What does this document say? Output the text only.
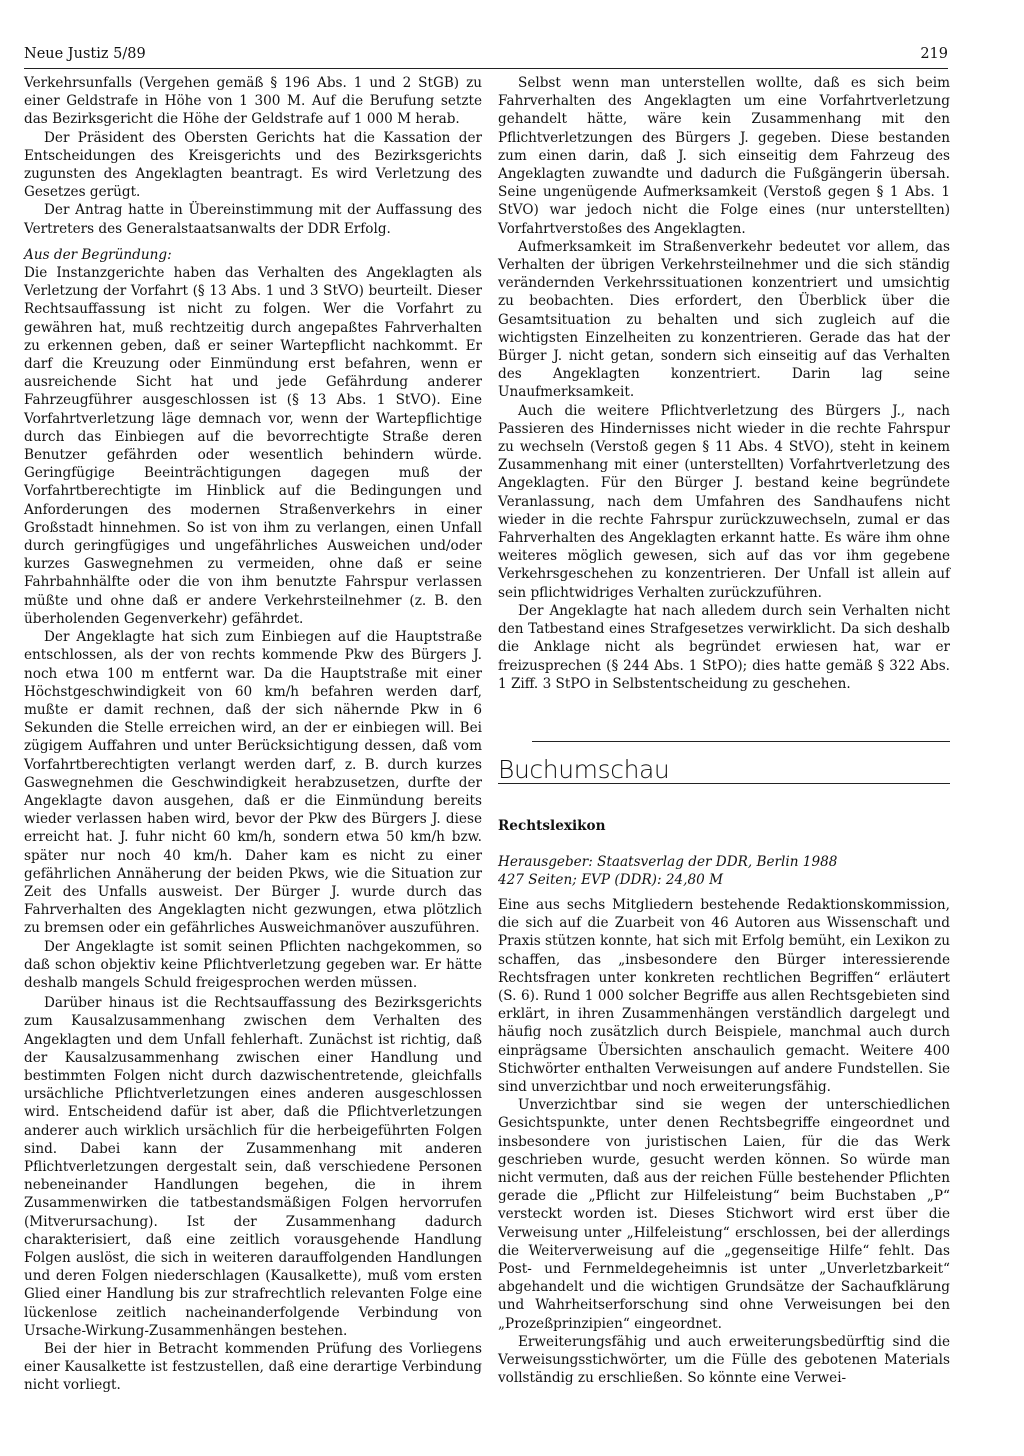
Neue Justiz 5/89	219

Verkehrsunfalls (Vergehen gemäß § 196 Abs. 1 und 2 StGB) zu einer Geldstrafe in Höhe von 1 300 M. Auf die Berufung setzte das Bezirksgericht die Höhe der Geldstrafe auf 1 000 M herab.

Der Präsident des Obersten Gerichts hat die Kassation der Entscheidungen des Kreisgerichts und des Bezirksgerichts zugunsten des Angeklagten beantragt. Es wird Verletzung des Gesetzes gerügt.

Der Antrag hatte in Übereinstimmung mit der Auffassung des Vertreters des Generalstaatsanwalts der DDR Erfolg.

Aus der Begründung:

Die Instanzgerichte haben das Verhalten des Angeklagten als Verletzung der Vorfahrt (§ 13 Abs. 1 und 3 StVO) beurteilt. Dieser Rechtsauffassung ist nicht zu folgen. Wer die Vorfahrt zu gewähren hat, muß rechtzeitig durch angepaßtes Fahrverhalten zu erkennen geben, daß er seiner Wartepflicht nachkommt. Er darf die Kreuzung oder Einmündung erst befahren, wenn er ausreichende Sicht hat und jede Gefährdung anderer Fahrzeugführer ausgeschlossen ist (§ 13 Abs. 1 StVO). Eine Vorfahrtverletzung läge demnach vor, wenn der Wartepflichtige durch das Einbiegen auf die bevorrechtigte Straße deren Benutzer gefährden oder wesentlich behindern würde. Geringfügige Beeinträchtigungen dagegen muß der Vorfahrtberechtigte im Hinblick auf die Bedingungen und Anforderungen des modernen Straßenverkehrs in einer Großstadt hinnehmen. So ist von ihm zu verlangen, einen Unfall durch geringfügiges und ungefährliches Ausweichen und/oder kurzes Gaswegnehmen zu vermeiden, ohne daß er seine Fahrbahnhälfte oder die von ihm benutzte Fahrspur verlassen müßte und ohne daß er andere Verkehrsteilnehmer (z. B. den überholenden Gegenverkehr) gefährdet.

Der Angeklagte hat sich zum Einbiegen auf die Hauptstraße entschlossen, als der von rechts kommende Pkw des Bürgers J. noch etwa 100 m entfernt war. Da die Hauptstraße mit einer Höchstgeschwindigkeit von 60 km/h befahren werden darf, mußte er damit rechnen, daß der sich nähernde Pkw in 6 Sekunden die Stelle erreichen wird, an der er einbiegen will. Bei zügigem Auffahren und unter Berücksichtigung dessen, daß vom Vorfahrtberechtigten verlangt werden darf, z. B. durch kurzes Gaswegnehmen die Geschwindigkeit herabzusetzen, durfte der Angeklagte davon ausgehen, daß er die Einmündung bereits wieder verlassen haben wird, bevor der Pkw des Bürgers J. diese erreicht hat. J. fuhr nicht 60 km/h, sondern etwa 50 km/h bzw. später nur noch 40 km/h. Daher kam es nicht zu einer gefährlichen Annäherung der beiden Pkws, wie die Situation zur Zeit des Unfalls ausweist. Der Bürger J. wurde durch das Fahrverhalten des Angeklagten nicht gezwungen, etwa plötzlich zu bremsen oder ein gefährliches Ausweichmanöver auszuführen.

Der Angeklagte ist somit seinen Pflichten nachgekommen, so daß schon objektiv keine Pflichtverletzung gegeben war. Er hätte deshalb mangels Schuld freigesprochen werden müssen.

Darüber hinaus ist die Rechtsauffassung des Bezirksgerichts zum Kausalzusammenhang zwischen dem Verhalten des Angeklagten und dem Unfall fehlerhaft. Zunächst ist richtig, daß der Kausalzusammenhang zwischen einer Handlung und bestimmten Folgen nicht durch dazwischentretende, gleichfalls ursächliche Pflichtverletzungen eines anderen ausgeschlossen wird. Entscheidend dafür ist aber, daß die Pflichtverletzungen anderer auch wirklich ursächlich für die herbeigeführten Folgen sind. Dabei kann der Zusammenhang mit anderen Pflichtverletzungen dergestalt sein, daß verschiedene Personen nebeneinander Handlungen begehen, die in ihrem Zusammenwirken die tatbestandsmäßigen Folgen hervorrufen (Mitverursachung). Ist der Zusammenhang dadurch charakterisiert, daß eine zeitlich vorausgehende Handlung Folgen auslöst, die sich in weiteren darauffolgenden Handlungen und deren Folgen niederschlagen (Kausalkette), muß vom ersten Glied einer Handlung bis zur strafrechtlich relevanten Folge eine lückenlose zeitlich nacheinanderfolgende Verbindung von Ursache-Wirkung-Zusammenhängen bestehen.

Bei der hier in Betracht kommenden Prüfung des Vorliegens einer Kausalkette ist festzustellen, daß eine derartige Verbindung nicht vorliegt.

Selbst wenn man unterstellen wollte, daß es sich beim Fahrverhalten des Angeklagten um eine Vorfahrtverletzung gehandelt hätte, wäre kein Zusammenhang mit den Pflichtverletzungen des Bürgers J. gegeben. Diese bestanden zum einen darin, daß J. sich einseitig dem Fahrzeug des Angeklagten zuwandte und dadurch die Fußgängerin übersah. Seine ungenügende Aufmerksamkeit (Verstoß gegen § 1 Abs. 1 StVO) war jedoch nicht die Folge eines (nur unterstellten) Vorfahrtverstoßes des Angeklagten.

Aufmerksamkeit im Straßenverkehr bedeutet vor allem, das Verhalten der übrigen Verkehrsteilnehmer und die sich ständig verändernden Verkehrssituationen konzentriert und umsichtig zu beobachten. Dies erfordert, den Überblick über die Gesamtsituation zu behalten und sich zugleich auf die wichtigsten Einzelheiten zu konzentrieren. Gerade das hat der Bürger J. nicht getan, sondern sich einseitig auf das Verhalten des Angeklagten konzentriert. Darin lag seine Unaufmerksamkeit.

Auch die weitere Pflichtverletzung des Bürgers J., nach Passieren des Hindernisses nicht wieder in die rechte Fahrspur zu wechseln (Verstoß gegen § 11 Abs. 4 StVO), steht in keinem Zusammenhang mit einer (unterstellten) Vorfahrtverletzung des Angeklagten. Für den Bürger J. bestand keine begründete Veranlassung, nach dem Umfahren des Sandhaufens nicht wieder in die rechte Fahrspur zurückzuwechseln, zumal er das Fahrverhalten des Angeklagten erkannt hatte. Es wäre ihm ohne weiteres möglich gewesen, sich auf das vor ihm gegebene Verkehrsgeschehen zu konzentrieren. Der Unfall ist allein auf sein pflichtwidriges Verhalten zurückzuführen.

Der Angeklagte hat nach alledem durch sein Verhalten nicht den Tatbestand eines Strafgesetzes verwirklicht. Da sich deshalb die Anklage nicht als begründet erwiesen hat, war er freizusprechen (§ 244 Abs. 1 StPO); dies hatte gemäß § 322 Abs. 1 Ziff. 3 StPO in Selbstentscheidung zu geschehen.

Buchumschau

Rechtslexikon

Herausgeber: Staatsverlag der DDR, Berlin 1988

427 Seiten; EVP (DDR): 24,80 M

Eine aus sechs Mitgliedern bestehende Redaktionskommission, die sich auf die Zuarbeit von 46 Autoren aus Wissenschaft und Praxis stützen konnte, hat sich mit Erfolg bemüht, ein Lexikon zu schaffen, das „insbesondere den Bürger interessierende Rechtsfragen unter konkreten rechtlichen Begriffen“ erläutert (S. 6). Rund 1 000 solcher Begriffe aus allen Rechtsgebieten sind erklärt, in ihren Zusammenhängen verständlich dargelegt und häufig noch zusätzlich durch Beispiele, manchmal auch durch einprägsame Übersichten anschaulich gemacht. Weitere 400 Stichwörter enthalten Verweisungen auf andere Fundstellen. Sie sind unverzichtbar und noch erweiterungsfähig.

Unverzichtbar sind sie wegen der unterschiedlichen Gesichtspunkte, unter denen Rechtsbegriffe eingeordnet und insbesondere von juristischen Laien, für die das Werk geschrieben wurde, gesucht werden können. So würde man nicht vermuten, daß aus der reichen Fülle bestehender Pflichten gerade die „Pflicht zur Hilfeleistung“ beim Buchstaben „P“ versteckt worden ist. Dieses Stichwort wird erst über die Verweisung unter „Hilfeleistung“ erschlossen, bei der allerdings die Weiterverweisung auf die „gegenseitige Hilfe“ fehlt. Das Post- und Fernmeldegeheimnis ist unter „Unverletzbarkeit“ abgehandelt und die wichtigen Grundsätze der Sachaufklärung und Wahrheitserforschung sind ohne Verweisungen bei den „Prozeßprinzipien“ eingeordnet.

Erweiterungsfähig und auch erweiterungsbedürftig sind die Verweisungsstichwörter, um die Fülle des gebotenen Materials vollständig zu erschließen. So könnte eine Verwei-
